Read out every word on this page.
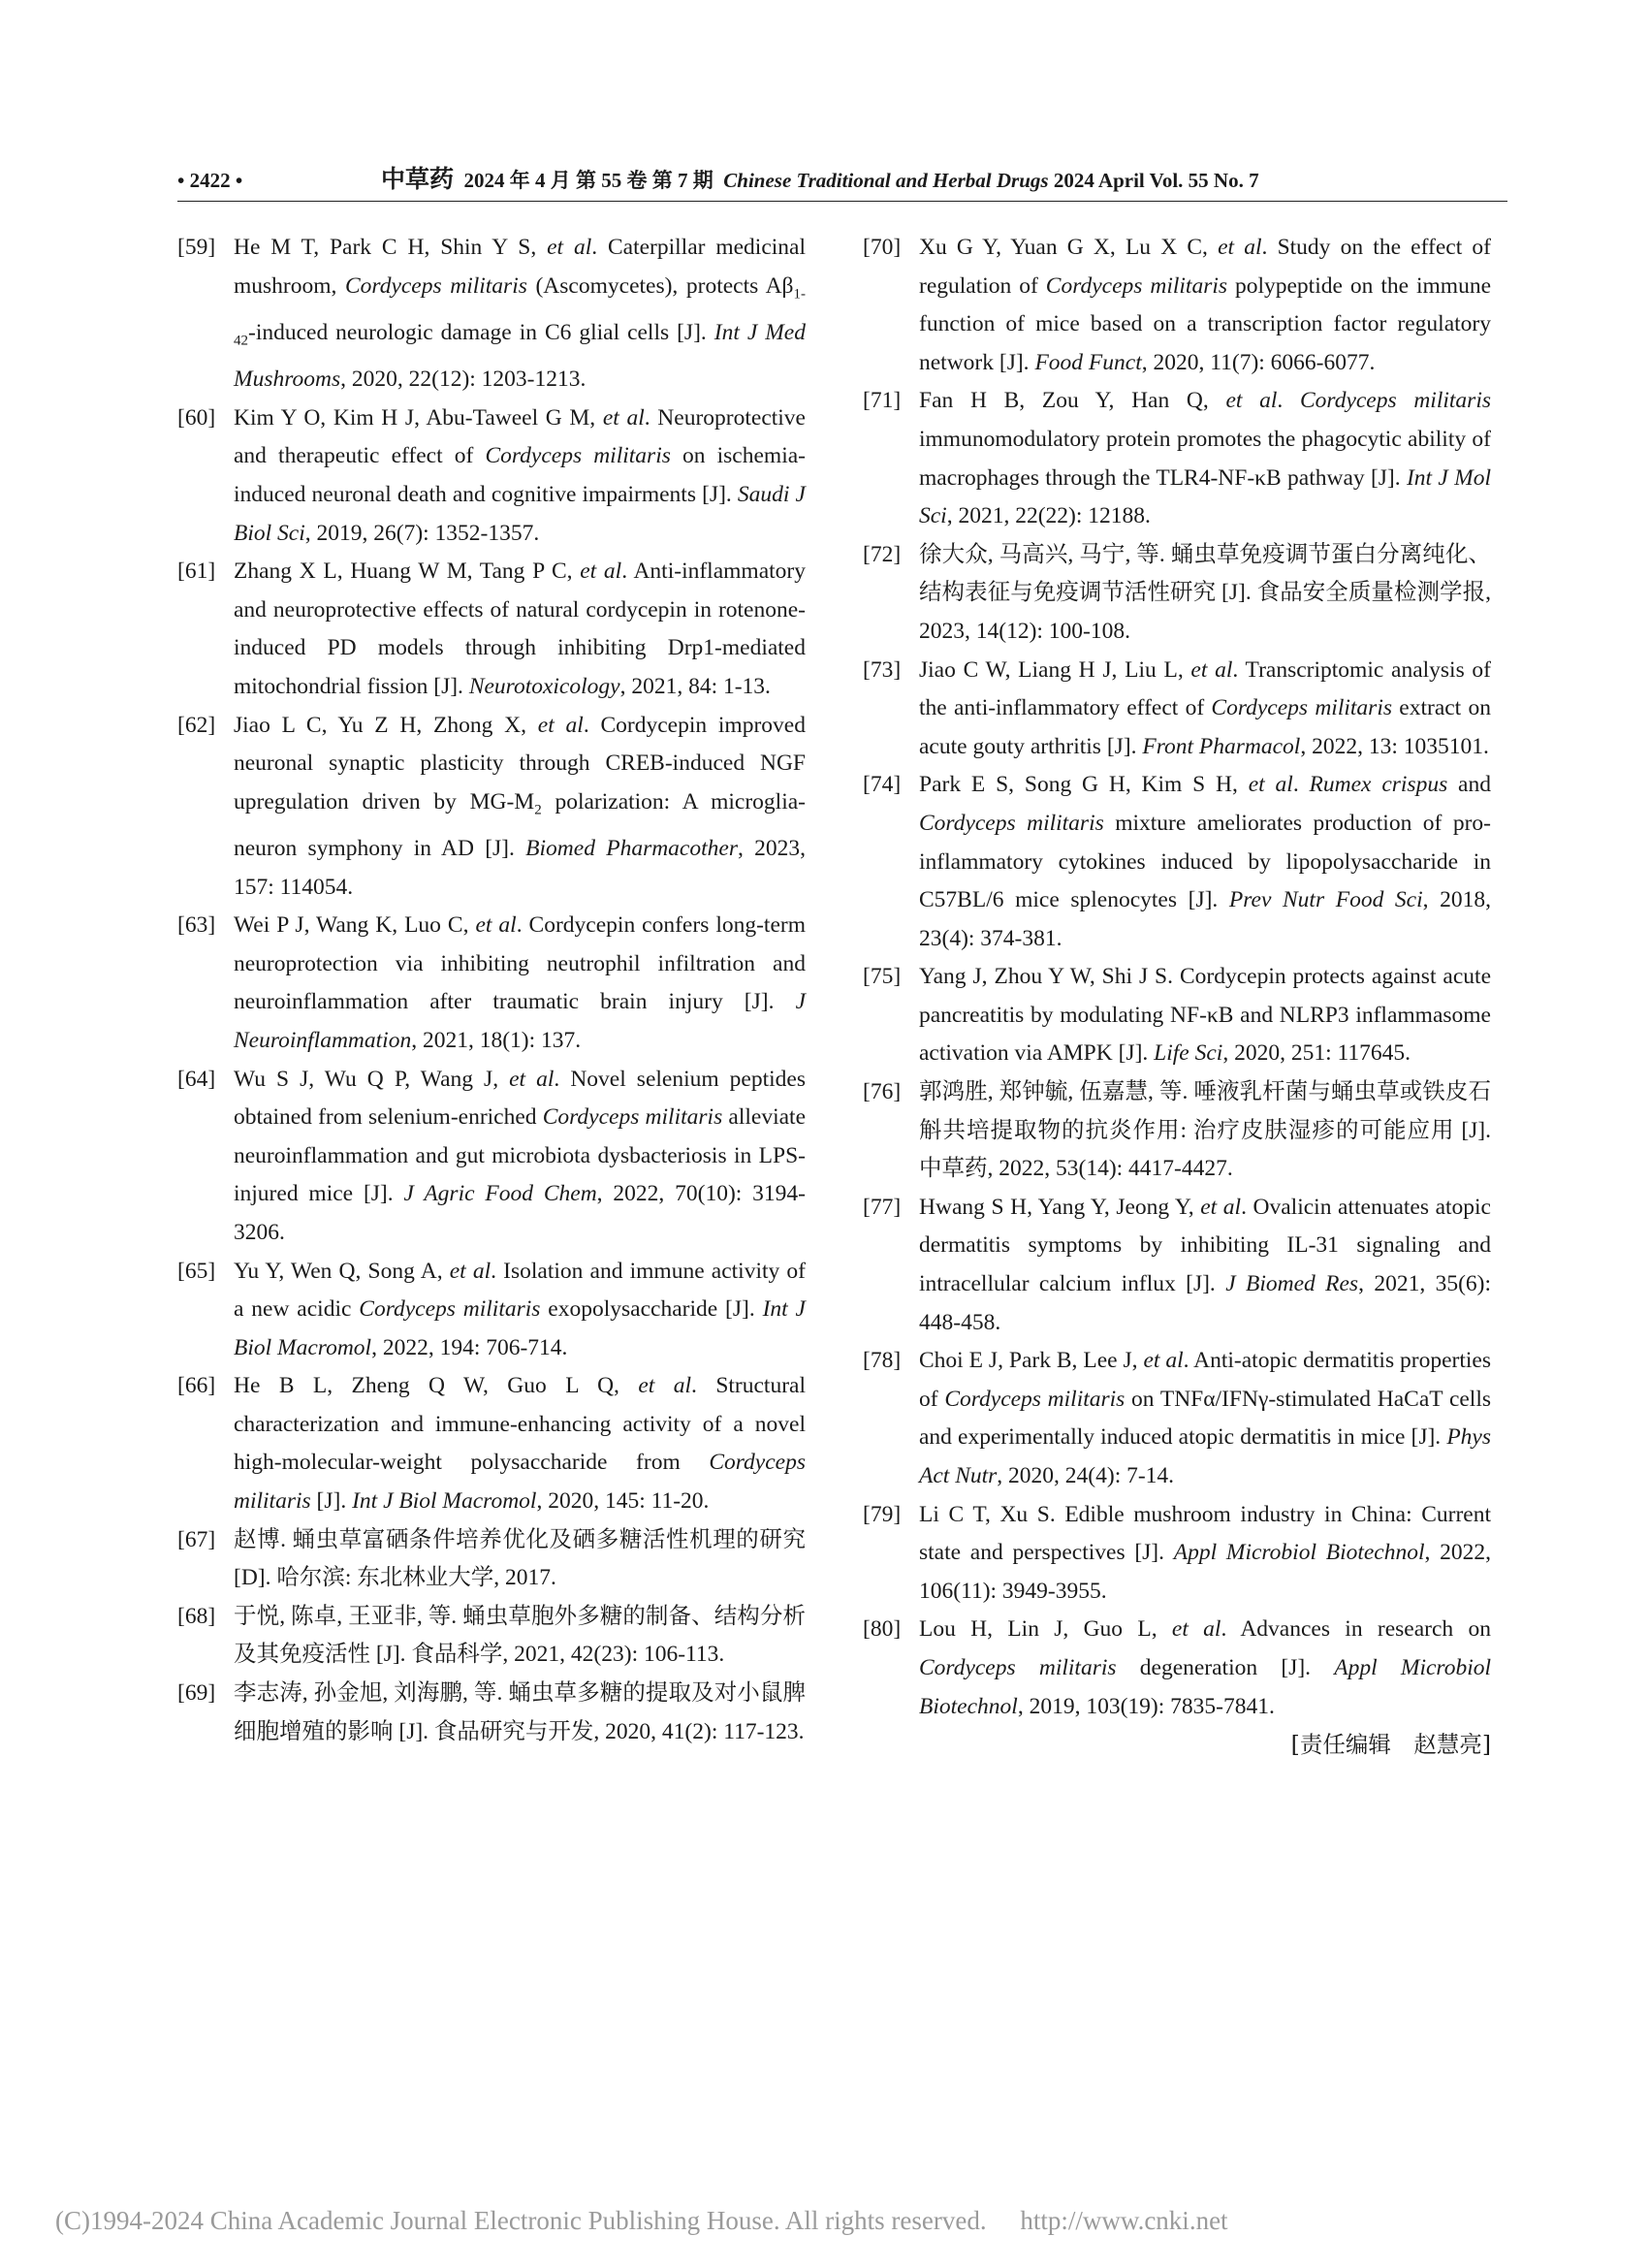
• 2422 •	中草药 2024 年 4 月 第 55 卷 第 7 期 Chinese Traditional and Herbal Drugs 2024 April Vol. 55 No. 7
[59] He M T, Park C H, Shin Y S, et al. Caterpillar medicinal mushroom, Cordyceps militaris (Ascomycetes), protects $A\beta_{1-42}$-induced neurologic damage in C6 glial cells [J]. Int J Med Mushrooms, 2020, 22(12): 1203-1213.
[60] Kim Y O, Kim H J, Abu-Taweel G M, et al. Neuroprotective and therapeutic effect of Cordyceps militaris on ischemia-induced neuronal death and cognitive impairments [J]. Saudi J Biol Sci, 2019, 26(7): 1352-1357.
[61] Zhang X L, Huang W M, Tang P C, et al. Anti-inflammatory and neuroprotective effects of natural cordycepin in rotenone-induced PD models through inhibiting Drp1-mediated mitochondrial fission [J]. Neurotoxicology, 2021, 84: 1-13.
[62] Jiao L C, Yu Z H, Zhong X, et al. Cordycepin improved neuronal synaptic plasticity through CREB-induced NGF upregulation driven by $MG-M_2$ polarization: A microglia-neuron symphony in AD [J]. Biomed Pharmacother, 2023, 157: 114054.
[63] Wei P J, Wang K, Luo C, et al. Cordycepin confers long-term neuroprotection via inhibiting neutrophil infiltration and neuroinflammation after traumatic brain injury [J]. J Neuroinflammation, 2021, 18(1): 137.
[64] Wu S J, Wu Q P, Wang J, et al. Novel selenium peptides obtained from selenium-enriched Cordyceps militaris alleviate neuroinflammation and gut microbiota dysbacteriosis in LPS-injured mice [J]. J Agric Food Chem, 2022, 70(10): 3194-3206.
[65] Yu Y, Wen Q, Song A, et al. Isolation and immune activity of a new acidic Cordyceps militaris exopolysaccharide [J]. Int J Biol Macromol, 2022, 194: 706-714.
[66] He B L, Zheng Q W, Guo L Q, et al. Structural characterization and immune-enhancing activity of a novel high-molecular-weight polysaccharide from Cordyceps militaris [J]. Int J Biol Macromol, 2020, 145: 11-20.
[67] 赵博. 蛹虫草富硒条件培养优化及硒多糖活性机理的研究 [D]. 哈尔滨: 东北林业大学, 2017.
[68] 于悦, 陈卓, 王亚非, 等. 蛹虫草胞外多糖的制备、结构分析及其免疫活性 [J]. 食品科学, 2021, 42(23): 106-113.
[69] 李志涛, 孙金旭, 刘海鹏, 等. 蛹虫草多糖的提取及对小鼠脾细胞增殖的影响 [J]. 食品研究与开发, 2020, 41(2): 117-123.
[70] Xu G Y, Yuan G X, Lu X C, et al. Study on the effect of regulation of Cordyceps militaris polypeptide on the immune function of mice based on a transcription factor regulatory network [J]. Food Funct, 2020, 11(7): 6066-6077.
[71] Fan H B, Zou Y, Han Q, et al. Cordyceps militaris immunomodulatory protein promotes the phagocytic ability of macrophages through the TLR4-NF-κB pathway [J]. Int J Mol Sci, 2021, 22(22): 12188.
[72] 徐大众, 马高兴, 马宁, 等. 蛹虫草免疫调节蛋白分离纯化、结构表征与免疫调节活性研究 [J]. 食品安全质量检测学报, 2023, 14(12): 100-108.
[73] Jiao C W, Liang H J, Liu L, et al. Transcriptomic analysis of the anti-inflammatory effect of Cordyceps militaris extract on acute gouty arthritis [J]. Front Pharmacol, 2022, 13: 1035101.
[74] Park E S, Song G H, Kim S H, et al. Rumex crispus and Cordyceps militaris mixture ameliorates production of pro-inflammatory cytokines induced by lipopolysaccharide in C57BL/6 mice splenocytes [J]. Prev Nutr Food Sci, 2018, 23(4): 374-381.
[75] Yang J, Zhou Y W, Shi J S. Cordycepin protects against acute pancreatitis by modulating NF-κB and NLRP3 inflammasome activation via AMPK [J]. Life Sci, 2020, 251: 117645.
[76] 郭鸿胜, 郑钟毓, 伍嘉慧, 等. 唾液乳杆菌与蛹虫草或铁皮石斛共培提取物的抗炎作用: 治疗皮肤湿疹的可能应用 [J]. 中草药, 2022, 53(14): 4417-4427.
[77] Hwang S H, Yang Y, Jeong Y, et al. Ovalicin attenuates atopic dermatitis symptoms by inhibiting IL-31 signaling and intracellular calcium influx [J]. J Biomed Res, 2021, 35(6): 448-458.
[78] Choi E J, Park B, Lee J, et al. Anti-atopic dermatitis properties of Cordyceps militaris on TNFα/IFNγ-stimulated HaCaT cells and experimentally induced atopic dermatitis in mice [J]. Phys Act Nutr, 2020, 24(4): 7-14.
[79] Li C T, Xu S. Edible mushroom industry in China: Current state and perspectives [J]. Appl Microbiol Biotechnol, 2022, 106(11): 3949-3955.
[80] Lou H, Lin J, Guo L, et al. Advances in research on Cordyceps militaris degeneration [J]. Appl Microbiol Biotechnol, 2019, 103(19): 7835-7841.
[责任编辑　赵慧亮]
(C)1994-2024 China Academic Journal Electronic Publishing House. All rights reserved. http://www.cnki.net
